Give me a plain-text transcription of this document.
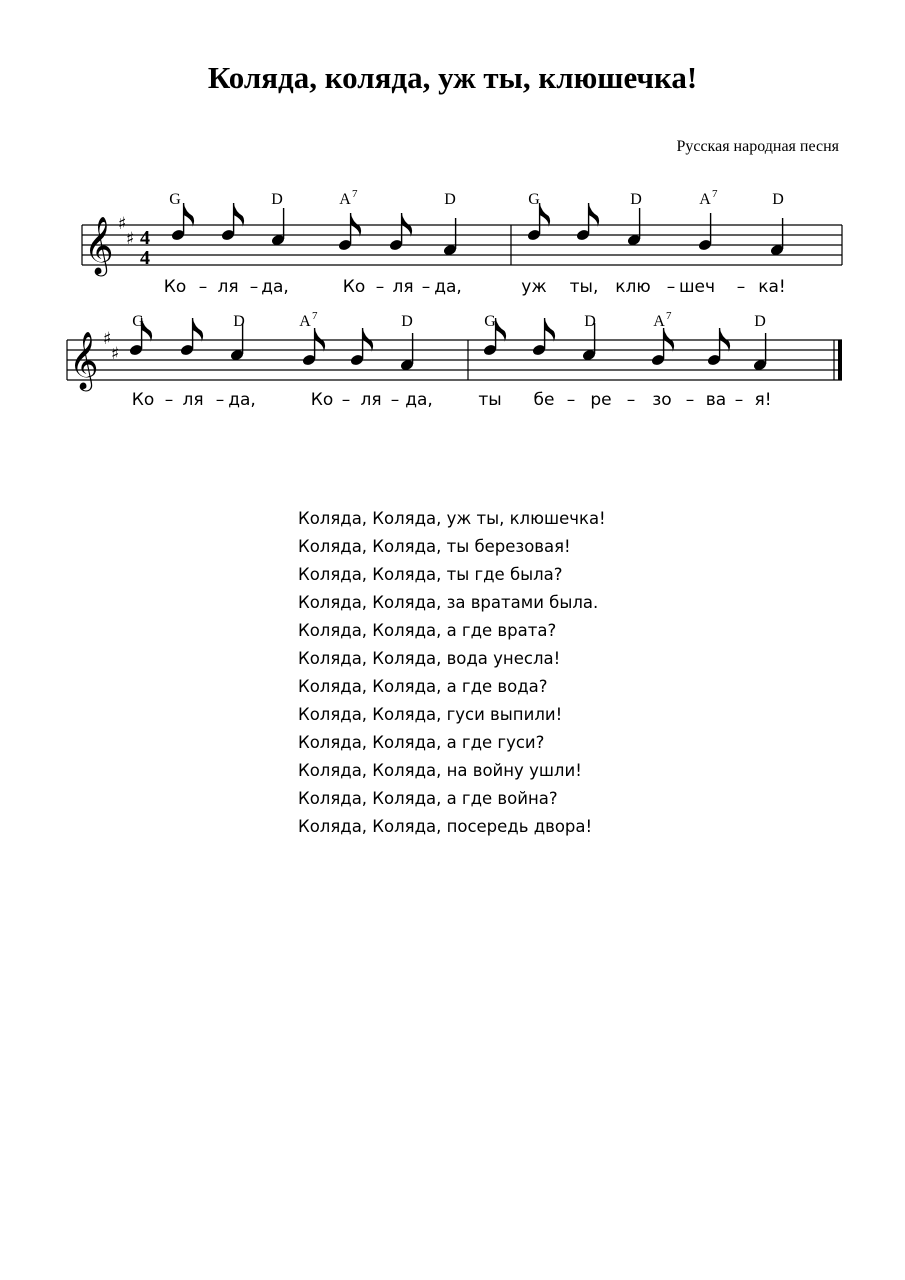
Коляда, коляда, уж ты, клюшечка!
Русская народная песня
𝄞 ♯
♯ 4
4
G	D	A 7	D	G	D	A 7	D
Ко – ля – да,	Ко – ля – да,	уж ты, клю – шеч – ка!
𝄞 ♯
♯
G	D	A 7	D	G	D	A 7	D
Ко – ля – да,	Ко – ля – да,	ты бе – ре – зо – ва – я!
Коляда, Коляда, уж ты, клюшечка!
Коляда, Коляда, ты березовая!
Коляда, Коляда, ты где была?
Коляда, Коляда, за вратами была.
Коляда, Коляда, а где врата?
Коляда, Коляда, вода унесла!
Коляда, Коляда, а где вода?
Коляда, Коляда, гуси выпили!
Коляда, Коляда, а где гуси?
Коляда, Коляда, на войну ушли!
Коляда, Коляда, а где война?
Коляда, Коляда, посередь двора!
